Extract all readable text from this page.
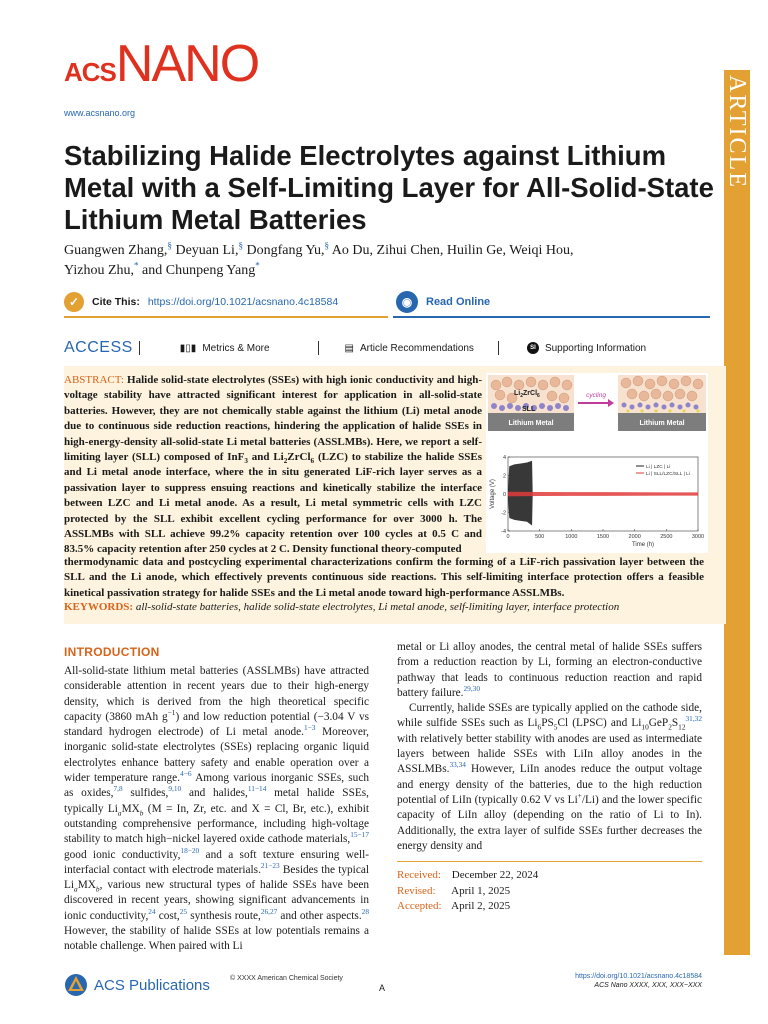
ACSNANO
www.acsnano.org	ARTICLE
Stabilizing Halide Electrolytes against Lithium Metal with a Self-Limiting Layer for All-Solid-State Lithium Metal Batteries
Guangwen Zhang,§ Deyuan Li,§ Dongfang Yu,§ Ao Du, Zihui Chen, Huilin Ge, Weiqi Hou,
Yizhou Zhu,* and Chunpeng Yang*
✓	Cite This: https://doi.org/10.1021/acsnano.4c18584	◉	Read Online
ACCESS	▮▯▮ Metrics & More	▤ Article Recommendations	SI Supporting Information
ABSTRACT: Halide solid-state electrolytes (SSEs) with high ionic conductivity and high-voltage stability have attracted significant interest for application in all-solid-state batteries. However, they are not chemically stable against the lithium (Li) metal anode due to continuous side reduction reactions, hindering the application of halide SSEs in high-energy-density all-solid-state Li metal batteries (ASSLMBs). Here, we report a self-limiting layer (SLL) composed of InF$_3$ and $Li_2ZrCl_6$ (LZC) to stabilize the halide SSEs and Li metal anode interface, where the in situ generated LiF-rich layer serves as a passivation layer to suppress ensuing reactions and kinetically stabilize the interface between LZC and Li metal anode. As a result, Li metal symmetric cells with LZC protected by the SLL exhibit excellent cycling performance for over 3000 h. The ASSLMBs with SLL achieve 99.2% capacity retention over 100 cycles at 0.5 C and 83.5% capacity retention after 250 cycles at 2 C. Density functional theory-computed
thermodynamic data and postcycling experimental characterizations confirm the forming of a LiF-rich passivation layer between the SLL and the Li anode, which effectively prevents continuous side reactions. This self-limiting interface protection offers a feasible kinetical passivation strategy for halide SSEs and the Li metal anode toward high-performance ASSLMBs.
KEYWORDS: all-solid-state batteries, halide solid-state electrolytes, Li metal anode, self-limiting layer, interface protection
$Li_2ZrCl_6$
SLL
Lithium Metal
cycling
Lithium Metal
0	500	1000	1500	2000	2500	3000
-4
-2
0
2
4
Time (h)
Voltage (V)
Li | LZC | Li
Li | SLL/LZC/SLL | Li
INTRODUCTION

All-solid-state lithium metal batteries (ASSLMBs) have attracted considerable attention in recent years due to their high-energy density, which is derived from the high theoretical specific capacity (3860 mAh $g^{-1}$) and low reduction potential (−3.04 V vs standard hydrogen electrode) of Li metal anode.$^{1-3}$ Moreover, inorganic solid-state electrolytes (SSEs) replacing organic liquid electrolytes enhance battery safety and enable operation over a wider temperature range.$^{4-6}$ Among various inorganic SSEs, such as oxides,$^{7,8}$ sulfides,$^{9,10}$ and halides,$^{11-14}$ metal halide SSEs, typically $Li_aMX_b$ (M = In, Zr, etc. and X = Cl, Br, etc.), exhibit outstanding comprehensive performance, including high-voltage stability to match high−nickel layered oxide cathode materials,$^{15-17}$ good ionic conductivity,$^{18-20}$ and a soft texture ensuring well-interfacial contact with electrode materials.$^{21-23}$ Besides the typical $Li_aMX_b$, various new structural types of halide SSEs have been discovered in recent years, showing significant advancements in ionic conductivity,$^{24}$ cost,$^{25}$ synthesis route,$^{26,27}$ and other aspects.$^{28}$ However, the stability of halide SSEs at low potentials remains a notable challenge. When paired with Li

metal or Li alloy anodes, the central metal of halide SSEs suffers from a reduction reaction by Li, forming an electron-conductive pathway that leads to continuous reduction reaction and rapid battery failure.$^{29,30}$

Currently, halide SSEs are typically applied on the cathode side, while sulfide SSEs such as $Li_6PS_5Cl$ (LPSC) and $Li_{10}GeP_2S_{12}^{31,32}$ with relatively better stability with anodes are used as intermediate layers between halide SSEs with LiIn alloy anodes in the ASSLMBs.$^{33,34}$ However, LiIn anodes reduce the output voltage and energy density of the batteries, due to the high reduction potential of LiIn (typically 0.62 V vs Li+/Li) and the lower specific capacity of LiIn alloy (depending on the ratio of Li to In). Additionally, the extra layer of sulfide SSEs further decreases the energy density and

Received: December 22, 2024
Revised: April 1, 2025
Accepted: April 2, 2025
ACS Publications	© XXXX American Chemical Society
A
https://doi.org/10.1021/acsnano.4c18584
ACS Nano XXXX, XXX, XXX−XXX
